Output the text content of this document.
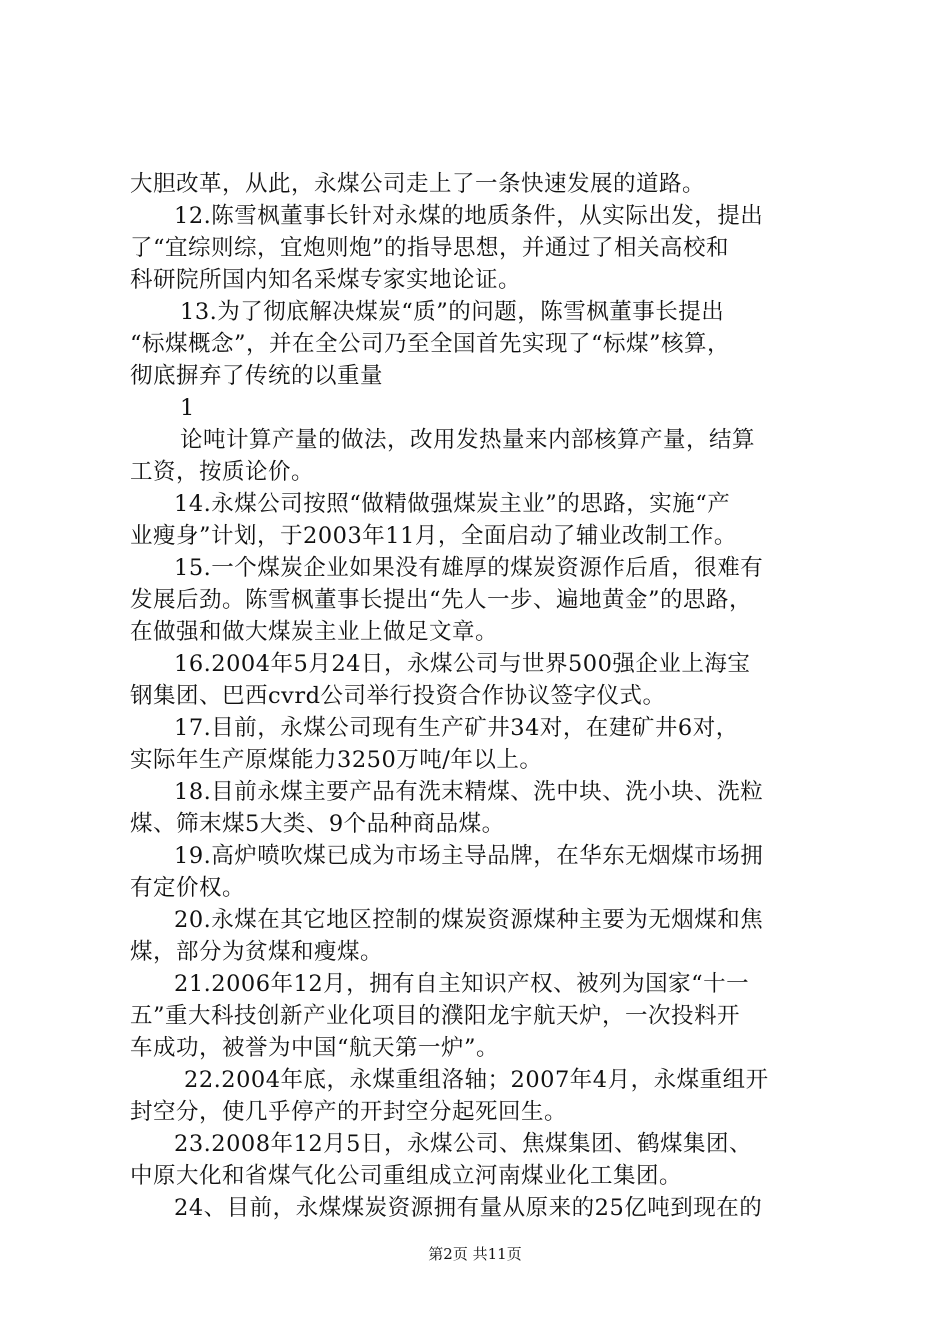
大胆改革，从此，永煤公司走上了一条快速发展的道路。
12.陈雪枫董事长针对永煤的地质条件，从实际出发，提出
了“宜综则综，宜炮则炮”的指导思想，并通过了相关高校和
科研院所国内知名采煤专家实地论证。
13.为了彻底解决煤炭“质”的问题，陈雪枫董事长提出
“标煤概念”，并在全公司乃至全国首先实现了“标煤”核算，
彻底摒弃了传统的以重量
1
论吨计算产量的做法，改用发热量来内部核算产量，结算
工资，按质论价。
14.永煤公司按照“做精做强煤炭主业”的思路，实施“产
业瘦身”计划，于2003年11月，全面启动了辅业改制工作。
15.一个煤炭企业如果没有雄厚的煤炭资源作后盾，很难有
发展后劲。陈雪枫董事长提出“先人一步、遍地黄金”的思路，
在做强和做大煤炭主业上做足文章。
16.2004年5月24日，永煤公司与世界500强企业上海宝
钢集团、巴西cvrd公司举行投资合作协议签字仪式。
17.目前，永煤公司现有生产矿井34对，在建矿井6对，
实际年生产原煤能力3250万吨/年以上。
18.目前永煤主要产品有洗末精煤、洗中块、洗小块、洗粒
煤、筛末煤5大类、9个品种商品煤。
19.高炉喷吹煤已成为市场主导品牌，在华东无烟煤市场拥
有定价权。
20.永煤在其它地区控制的煤炭资源煤种主要为无烟煤和焦
煤，部分为贫煤和瘦煤。
21.2006年12月，拥有自主知识产权、被列为国家“十一
五”重大科技创新产业化项目的濮阳龙宇航天炉，一次投料开
车成功，被誉为中国“航天第一炉”。
22.2004年底，永煤重组洛轴；2007年4月，永煤重组开
封空分，使几乎停产的开封空分起死回生。
23.2008年12月5日，永煤公司、焦煤集团、鹤煤集团、
中原大化和省煤气化公司重组成立河南煤业化工集团。
24、目前，永煤煤炭资源拥有量从原来的25亿吨到现在的
第2页 共11页
